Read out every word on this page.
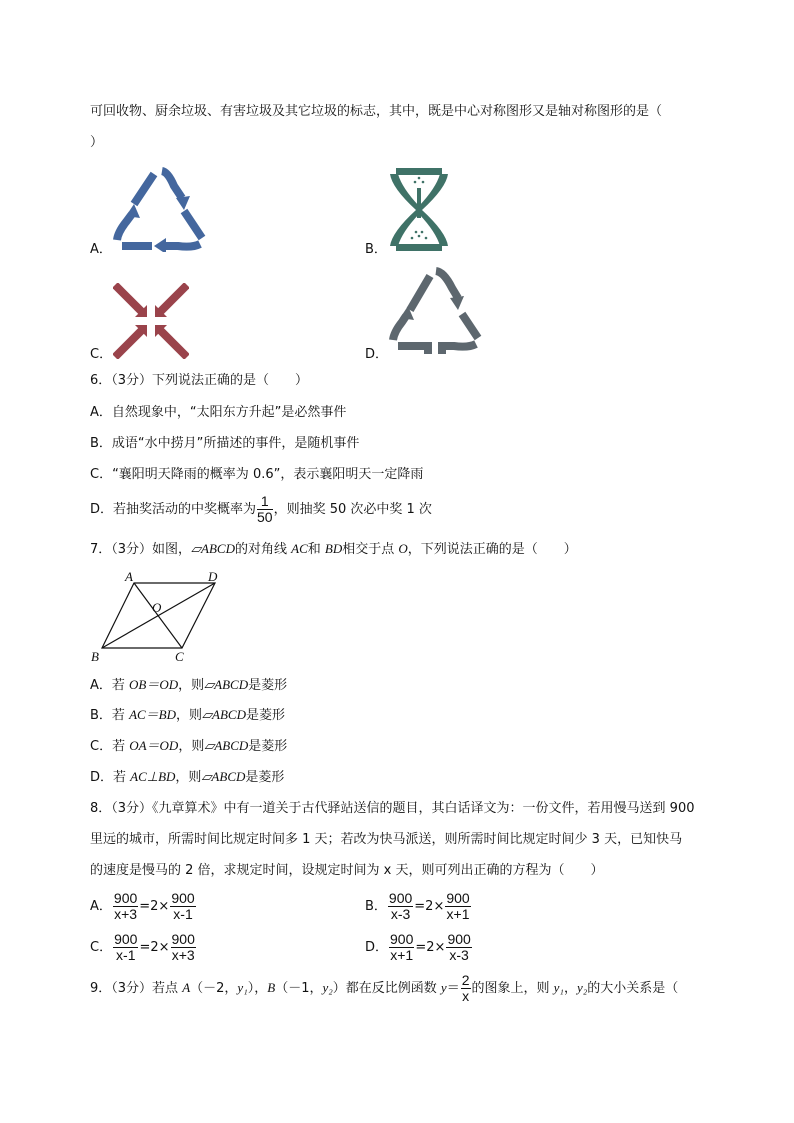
可回收物、厨余垃圾、有害垃圾及其它垃圾的标志，其中，既是中心对称图形又是轴对称图形的是（
）
A．	B．
C．	D．
6．（3分）下列说法正确的是（　　）
A．自然现象中，“太阳东方升起”是必然事件
B．成语“水中捞月”所描述的事件，是随机事件
C．“襄阳明天降雨的概率为 0.6”，表示襄阳明天一定降雨
D．若抽奖活动的中奖概率为 $\frac{1}{50}$ ，则抽奖 50 次必中奖 1 次
7．（3分）如图，▱ABCD的对角线 AC和 BD相交于点 O，下列说法正确的是（　　）
A	D
O
B	C
A．若 OB＝OD，则▱ABCD是菱形
B．若 AC＝BD，则▱ABCD是菱形
C．若 OA＝OD，则▱ABCD是菱形
D．若 AC⊥BD，则▱ABCD是菱形
8．（3分）《九章算术》中有一道关于古代驿站送信的题目，其白话译文为：一份文件，若用慢马送到 900
里远的城市，所需时间比规定时间多 1 天；若改为快马派送，则所需时间比规定时间少 3 天，已知快马
的速度是慢马的 2 倍，求规定时间，设规定时间为 x 天，则可列出正确的方程为（　　）
A． $\frac{900}{x+3} =2\times \frac{900}{x-1}$	B． $\frac{900}{x-3} =2\times \frac{900}{x+1}$
C． $\frac{900}{x-1} =2\times \frac{900}{x+3}$	D． $\frac{900}{x+1} =2\times \frac{900}{x-3}$
9．（3分）若点 A（－2，y₁），B（－1，y₂）都在反比例函数 $y= \frac{2}{x}$ 的图象上，则 y₁，y₂的大小关系是（
